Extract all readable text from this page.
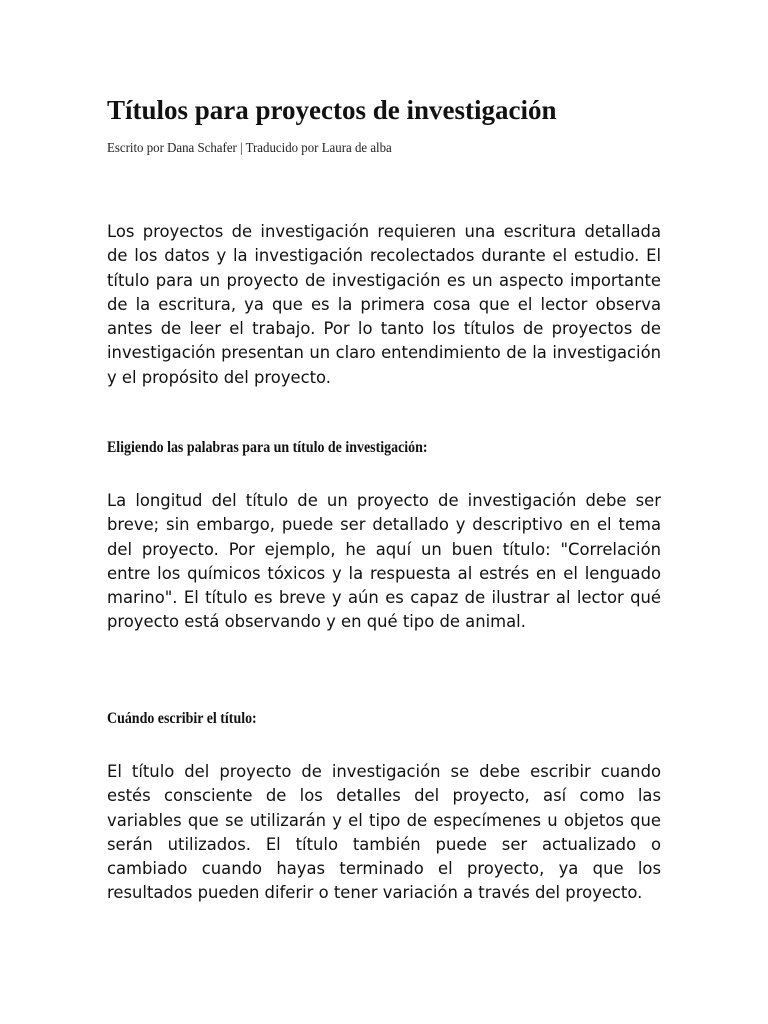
Títulos para proyectos de investigación

Escrito por Dana Schafer | Traducido por Laura de alba

Los proyectos de investigación requieren una escritura detallada de los datos y la investigación recolectados durante el estudio. El título para un proyecto de investigación es un aspecto importante de la escritura, ya que es la primera cosa que el lector observa antes de leer el trabajo. Por lo tanto los títulos de proyectos de investigación presentan un claro entendimiento de la investigación y el propósito del proyecto.

Eligiendo las palabras para un título de investigación:

La longitud del título de un proyecto de investigación debe ser breve; sin embargo, puede ser detallado y descriptivo en el tema del proyecto. Por ejemplo, he aquí un buen título: "Correlación entre los químicos tóxicos y la respuesta al estrés en el lenguado marino". El título es breve y aún es capaz de ilustrar al lector qué proyecto está observando y en qué tipo de animal.

Cuándo escribir el título:

El título del proyecto de investigación se debe escribir cuando estés consciente de los detalles del proyecto, así como las variables que se utilizarán y el tipo de especímenes u objetos que serán utilizados. El título también puede ser actualizado o cambiado cuando hayas terminado el proyecto, ya que los resultados pueden diferir o tener variación a través del proyecto.
